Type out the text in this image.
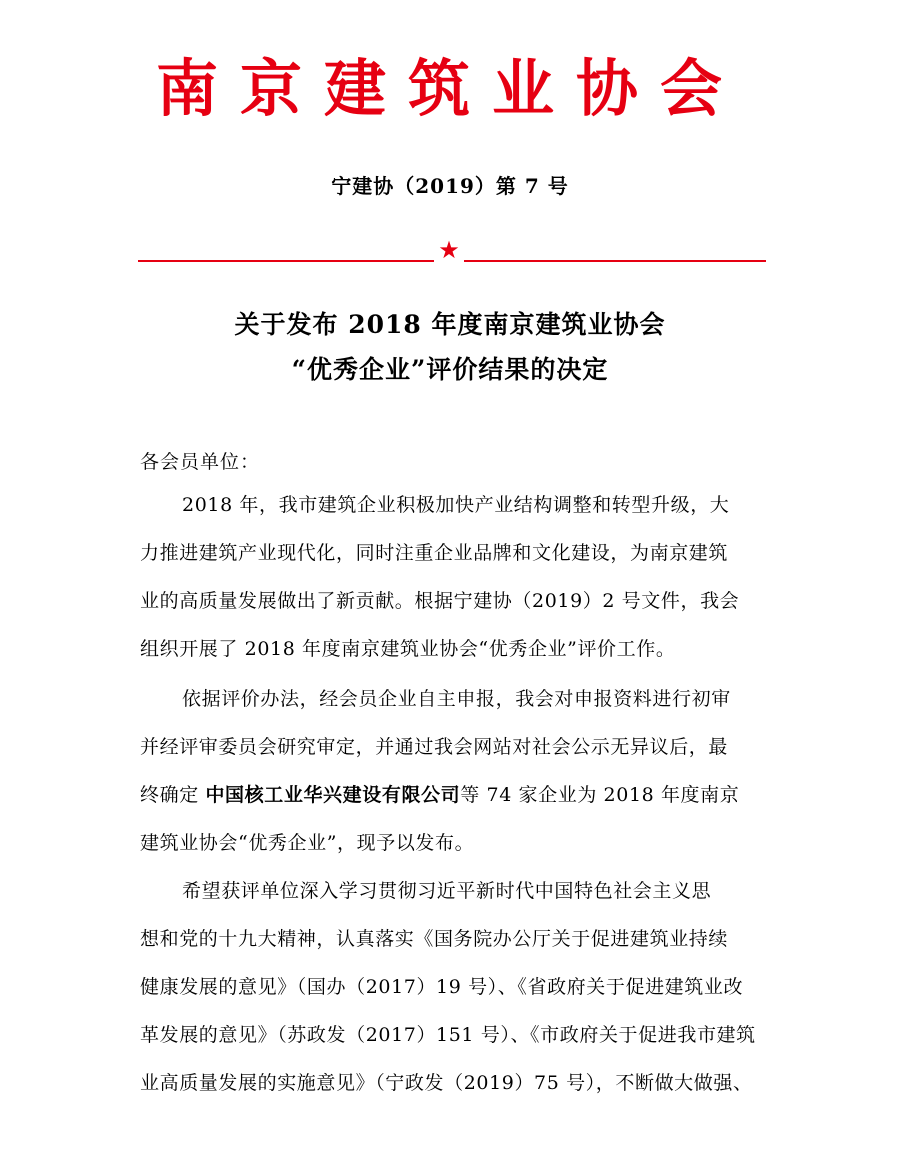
南京建筑业协会
宁建协（2019）第 7 号
★
关于发布 2018 年度南京建筑业协会
“优秀企业”评价结果的决定
各会员单位：
2018 年，我市建筑企业积极加快产业结构调整和转型升级，大
力推进建筑产业现代化，同时注重企业品牌和文化建设，为南京建筑
业的高质量发展做出了新贡献。根据宁建协（2019）2 号文件，我会
组织开展了 2018 年度南京建筑业协会“优秀企业”评价工作。
依据评价办法，经会员企业自主申报，我会对申报资料进行初审
并经评审委员会研究审定，并通过我会网站对社会公示无异议后，最
终确定 中国核工业华兴建设有限公司等 74 家企业为 2018 年度南京
建筑业协会“优秀企业”，现予以发布。
希望获评单位深入学习贯彻习近平新时代中国特色社会主义思
想和党的十九大精神，认真落实《国务院办公厅关于促进建筑业持续
健康发展的意见》（国办（2017）19 号）、《省政府关于促进建筑业改
革发展的意见》（苏政发（2017）151 号）、《市政府关于促进我市建筑
业高质量发展的实施意见》（宁政发（2019）75 号），不断做大做强、
